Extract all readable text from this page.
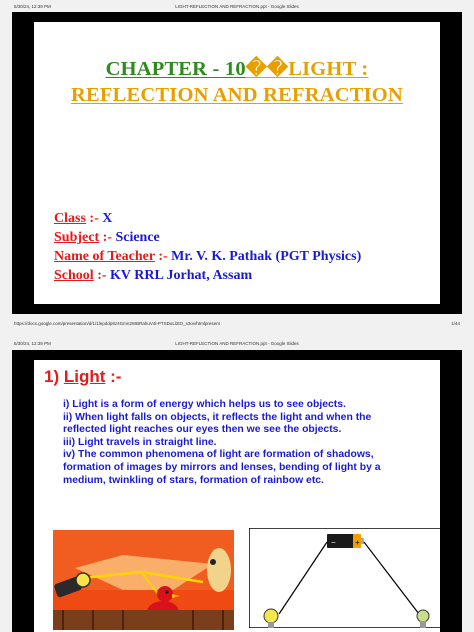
5/30/24, 12:39 PM	LIGHT-REFLECTION AND REFRACTION.ppt - Google Slides
CHAPTER - 10��LIGHT :
REFLECTION AND REFRACTION
Class :- X
Subject :- Science
Name of Teacher :- Mr. V. K. Pathak (PGT Physics)
School :- KV RRL Jorhat, Assam
https://docs.google.com/presentation/d/1/1lnpddp8z4Gmn2WBRahuV4l-PTSDuLl2tO_s3ov/htmlpresent	1/44
5/30/24, 12:39 PM	LIGHT-REFLECTION AND REFRACTION.ppt - Google Slides
1) Light :-
i) Light is a form of energy which helps us to see objects.
ii) When light falls on objects, it reflects the light and when the
reflected light reaches our eyes then we see the objects.
iii) Light travels in straight line.
iv) The common phenomena of light are formation of shadows,
formation of images by mirrors and lenses, bending of light by a
medium, twinkling of stars, formation of rainbow etc.
− +
